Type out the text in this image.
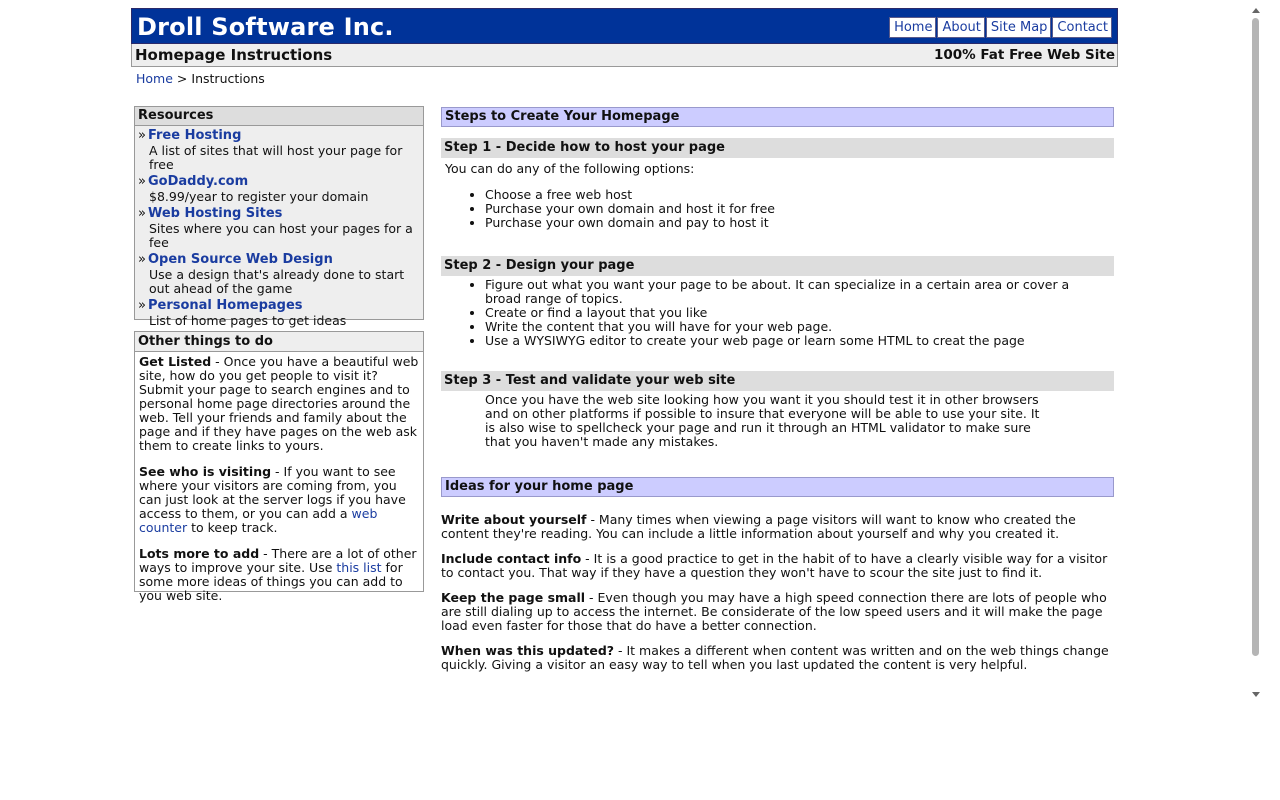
Droll Software Inc.	Home About Site Map Contact
Homepage Instructions	100% Fat Free Web Site
Home > Instructions
Resources
» Free Hosting
A list of sites that will host your page for free
» GoDaddy.com
$8.99/year to register your domain
» Web Hosting Sites
Sites where you can host your pages for a fee
» Open Source Web Design
Use a design that's already done to start out ahead of the game
» Personal Homepages
List of home pages to get ideas
Other things to do

Get Listed - Once you have a beautiful web site, how do you get people to visit it? Submit your page to search engines and to personal home page directories around the web. Tell your friends and family about the page and if they have pages on the web ask them to create links to yours.

See who is visiting - If you want to see where your visitors are coming from, you can just look at the server logs if you have access to them, or you can add a web counter to keep track.

Lots more to add - There are a lot of other ways to improve your site. Use this list for some more ideas of things you can add to you web site.

Steps to Create Your Homepage
Step 1 - Decide how to host your page
You can do any of the following options:
• Choose a free web host
• Purchase your own domain and host it for free
• Purchase your own domain and pay to host it
Step 2 - Design your page
• Figure out what you want your page to be about. It can specialize in a certain area or cover a broad range of topics.
• Create or find a layout that you like
• Write the content that you will have for your web page.
• Use a WYSIWYG editor to create your web page or learn some HTML to creat the page
Step 3 - Test and validate your web site
Once you have the web site looking how you want it you should test it in other browsers and on other platforms if possible to insure that everyone will be able to use your site. It is also wise to spellcheck your page and run it through an HTML validator to make sure that you haven't made any mistakes.
Ideas for your home page
Write about yourself - Many times when viewing a page visitors will want to know who created the content they're reading. You can include a little information about yourself and why you created it.
Include contact info - It is a good practice to get in the habit of to have a clearly visible way for a visitor to contact you. That way if they have a question they won't have to scour the site just to find it.
Keep the page small - Even though you may have a high speed connection there are lots of people who are still dialing up to access the internet. Be considerate of the low speed users and it will make the page load even faster for those that do have a better connection.
When was this updated? - It makes a different when content was written and on the web things change quickly. Giving a visitor an easy way to tell when you last updated the content is very helpful.
